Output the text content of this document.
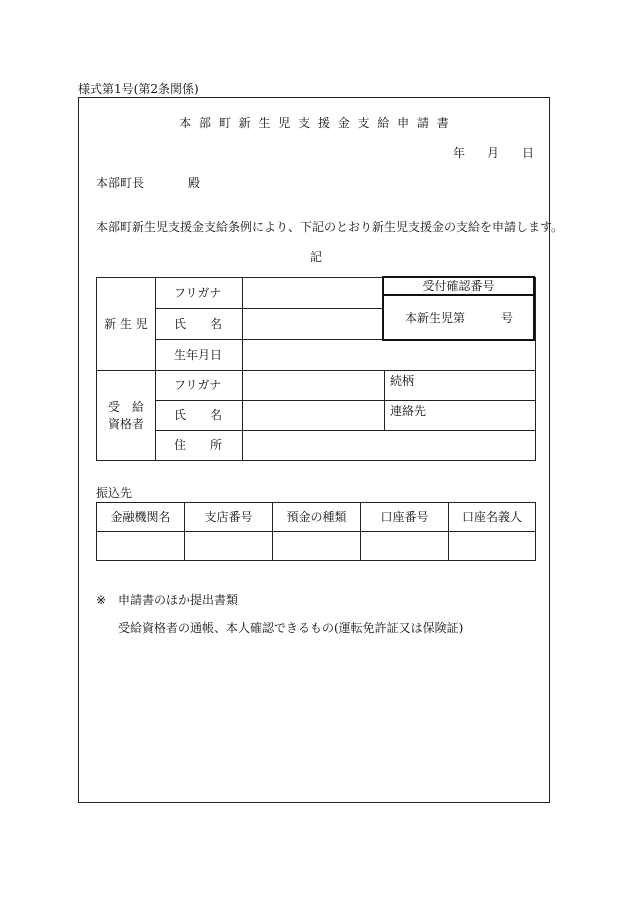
様式第1号(第2条関係)
本 部 町 新 生 児 支 援 金 支 給 申 請 書
年 月 日
本部町長	殿
本部町新生児支援金支給条例により、下記のとおり新生児支援金の支給を申請します。
記
新 生 児	フリガナ		
	氏　　名		
	生年月日		

受　給
資格者	フリガナ		続柄
	氏　　名		連絡先
	住　　所		
受付確認番号
本新生児第	号
振込先
金融機関名	支店番号	預金の種類	口座番号	口座名義人

※ 申請書のほか提出書類
受給資格者の通帳、本人確認できるもの(運転免許証又は保険証)
